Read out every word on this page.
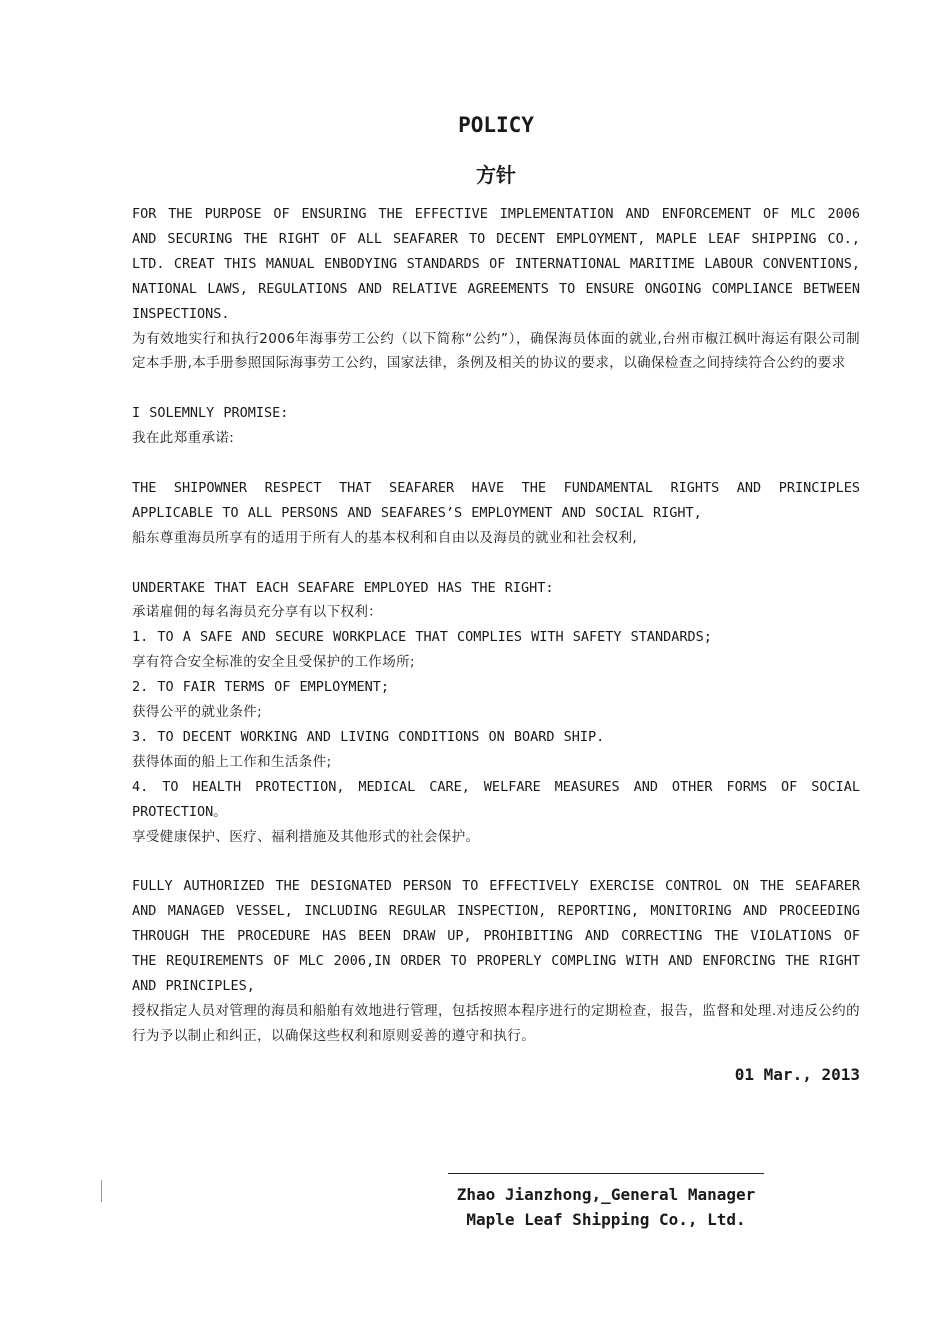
POLICY
方针

FOR THE PURPOSE OF ENSURING THE EFFECTIVE IMPLEMENTATION AND ENFORCEMENT OF MLC 2006 AND SECURING THE RIGHT OF ALL SEAFARER TO DECENT EMPLOYMENT, MAPLE LEAF SHIPPING CO., LTD. CREAT THIS MANUAL ENBODYING STANDARDS OF INTERNATIONAL MARITIME LABOUR CONVENTIONS, NATIONAL LAWS, REGULATIONS AND RELATIVE AGREEMENTS TO ENSURE ONGOING COMPLIANCE BETWEEN INSPECTIONS.

为有效地实行和执行2006年海事劳工公约（以下简称“公约”），确保海员体面的就业,台州市椒江枫叶海运有限公司制定本手册,本手册参照国际海事劳工公约，国家法律，条例及相关的协议的要求，以确保检查之间持续符合公约的要求

I SOLEMNLY PROMISE:

我在此郑重承诺:

THE SHIPOWNER RESPECT THAT SEAFARER HAVE THE FUNDAMENTAL RIGHTS AND PRINCIPLES APPLICABLE TO ALL PERSONS AND SEAFARES’S EMPLOYMENT AND SOCIAL RIGHT,

船东尊重海员所享有的适用于所有人的基本权利和自由以及海员的就业和社会权利,

UNDERTAKE THAT EACH SEAFARE EMPLOYED HAS THE RIGHT:

承诺雇佣的每名海员充分享有以下权利：

1. TO A SAFE AND SECURE WORKPLACE THAT COMPLIES WITH SAFETY STANDARDS;

享有符合安全标准的安全且受保护的工作场所;

2. TO FAIR TERMS OF EMPLOYMENT;

获得公平的就业条件;

3. TO DECENT WORKING AND LIVING CONDITIONS ON BOARD SHIP.

获得体面的船上工作和生活条件;

4. TO HEALTH PROTECTION, MEDICAL CARE, WELFARE MEASURES AND OTHER FORMS OF SOCIAL PROTECTION。

享受健康保护、医疗、福利措施及其他形式的社会保护。

FULLY AUTHORIZED THE DESIGNATED PERSON TO EFFECTIVELY EXERCISE CONTROL ON THE SEAFARER AND MANAGED VESSEL, INCLUDING REGULAR INSPECTION, REPORTING, MONITORING AND PROCEEDING THROUGH THE PROCEDURE HAS BEEN DRAW UP, PROHIBITING AND CORRECTING THE VIOLATIONS OF THE REQUIREMENTS OF MLC 2006,IN ORDER TO PROPERLY COMPLING WITH AND ENFORCING THE RIGHT AND PRINCIPLES,

授权指定人员对管理的海员和船舶有效地进行管理，包括按照本程序进行的定期检查，报告，监督和处理.对违反公约的行为予以制止和纠正，以确保这些权利和原则妥善的遵守和执行。

01 Mar., 2013
Zhao Jianzhong,_General Manager
Maple Leaf Shipping Co., Ltd.
